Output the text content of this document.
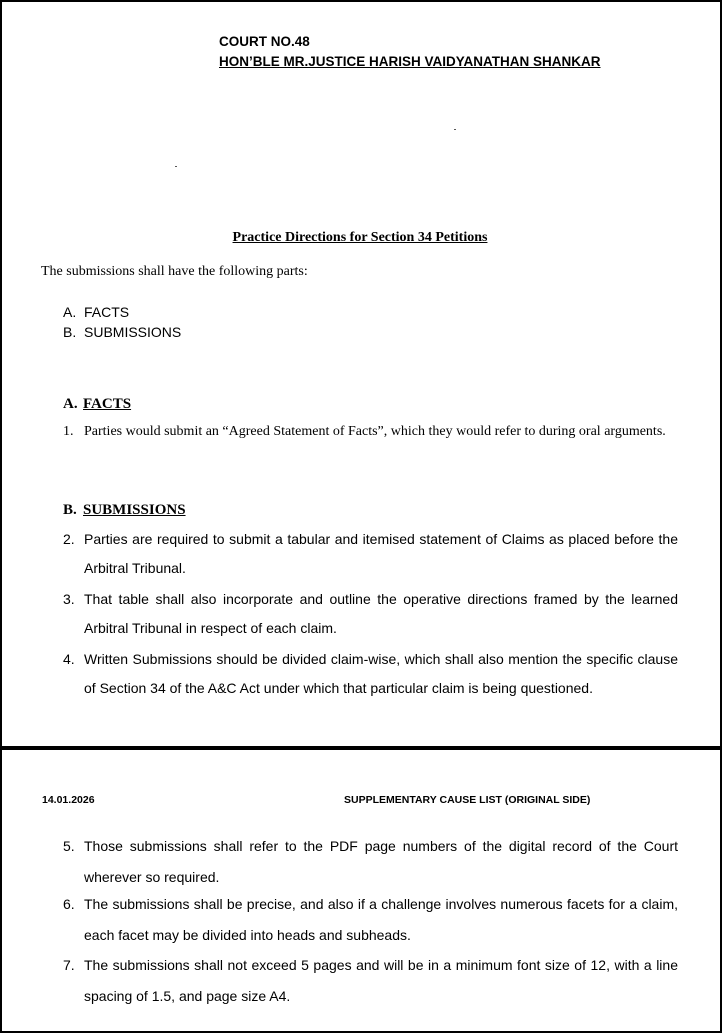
COURT NO.48
HON’BLE MR.JUSTICE HARISH VAIDYANATHAN SHANKAR
Practice Directions for Section 34 Petitions
The submissions shall have the following parts:
A. FACTS
B. SUBMISSIONS
A. FACTS
1. Parties would submit an “Agreed Statement of Facts”, which they would refer to during oral arguments.
B. SUBMISSIONS
2. Parties are required to submit a tabular and itemised statement of Claims as placed before the Arbitral Tribunal.
3. That table shall also incorporate and outline the operative directions framed by the learned Arbitral Tribunal in respect of each claim.
4. Written Submissions should be divided claim-wise, which shall also mention the specific clause of Section 34 of the A&C Act under which that particular claim is being questioned.
14.01.2026	SUPPLEMENTARY CAUSE LIST (ORIGINAL SIDE)
5. Those submissions shall refer to the PDF page numbers of the digital record of the Court wherever so required.
6. The submissions shall be precise, and also if a challenge involves numerous facets for a claim, each facet may be divided into heads and subheads.
7. The submissions shall not exceed 5 pages and will be in a minimum font size of 12, with a line spacing of 1.5, and page size A4.
